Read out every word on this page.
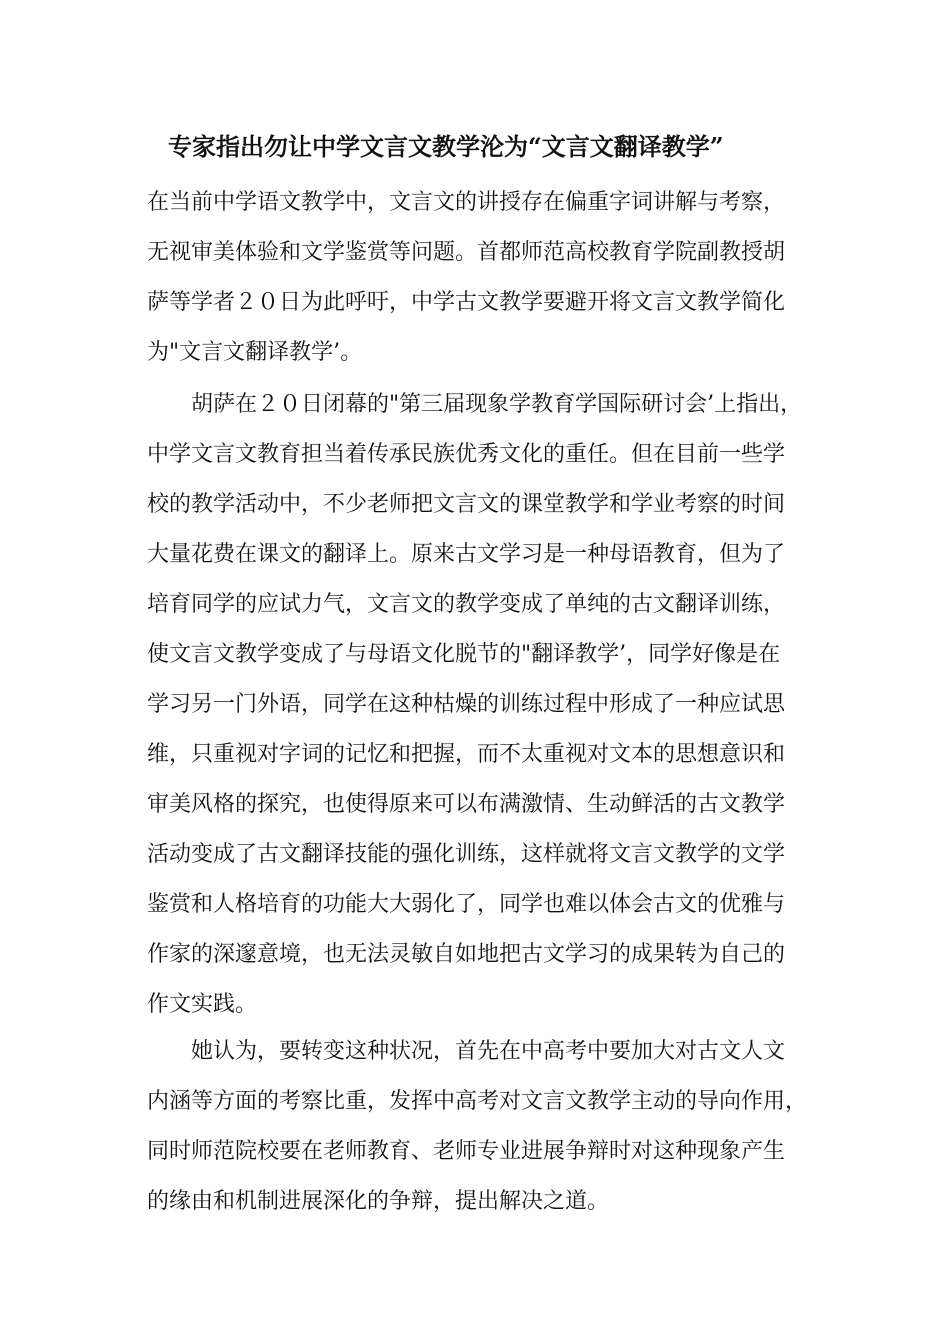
专家指出勿让中学文言文教学沦为“文言文翻译教学”

在当前中学语文教学中，文言文的讲授存在偏重字词讲解与考察，
无视审美体验和文学鉴赏等问题。首都师范高校教育学院副教授胡
萨等学者２０日为此呼吁，中学古文教学要避开将文言文教学简化
为"文言文翻译教学’。

胡萨在２０日闭幕的"第三届现象学教育学国际研讨会’上指出，
中学文言文教育担当着传承民族优秀文化的重任。但在目前一些学
校的教学活动中，不少老师把文言文的课堂教学和学业考察的时间
大量花费在课文的翻译上。原来古文学习是一种母语教育，但为了
培育同学的应试力气，文言文的教学变成了单纯的古文翻译训练，
使文言文教学变成了与母语文化脱节的"翻译教学’，同学好像是在
学习另一门外语，同学在这种枯燥的训练过程中形成了一种应试思
维，只重视对字词的记忆和把握，而不太重视对文本的思想意识和
审美风格的探究，也使得原来可以布满激情、生动鲜活的古文教学
活动变成了古文翻译技能的强化训练，这样就将文言文教学的文学
鉴赏和人格培育的功能大大弱化了，同学也难以体会古文的优雅与
作家的深邃意境，也无法灵敏自如地把古文学习的成果转为自己的
作文实践。

她认为，要转变这种状况，首先在中高考中要加大对古文人文
内涵等方面的考察比重，发挥中高考对文言文教学主动的导向作用，
同时师范院校要在老师教育、老师专业进展争辩时对这种现象产生
的缘由和机制进展深化的争辩，提出解决之道。
